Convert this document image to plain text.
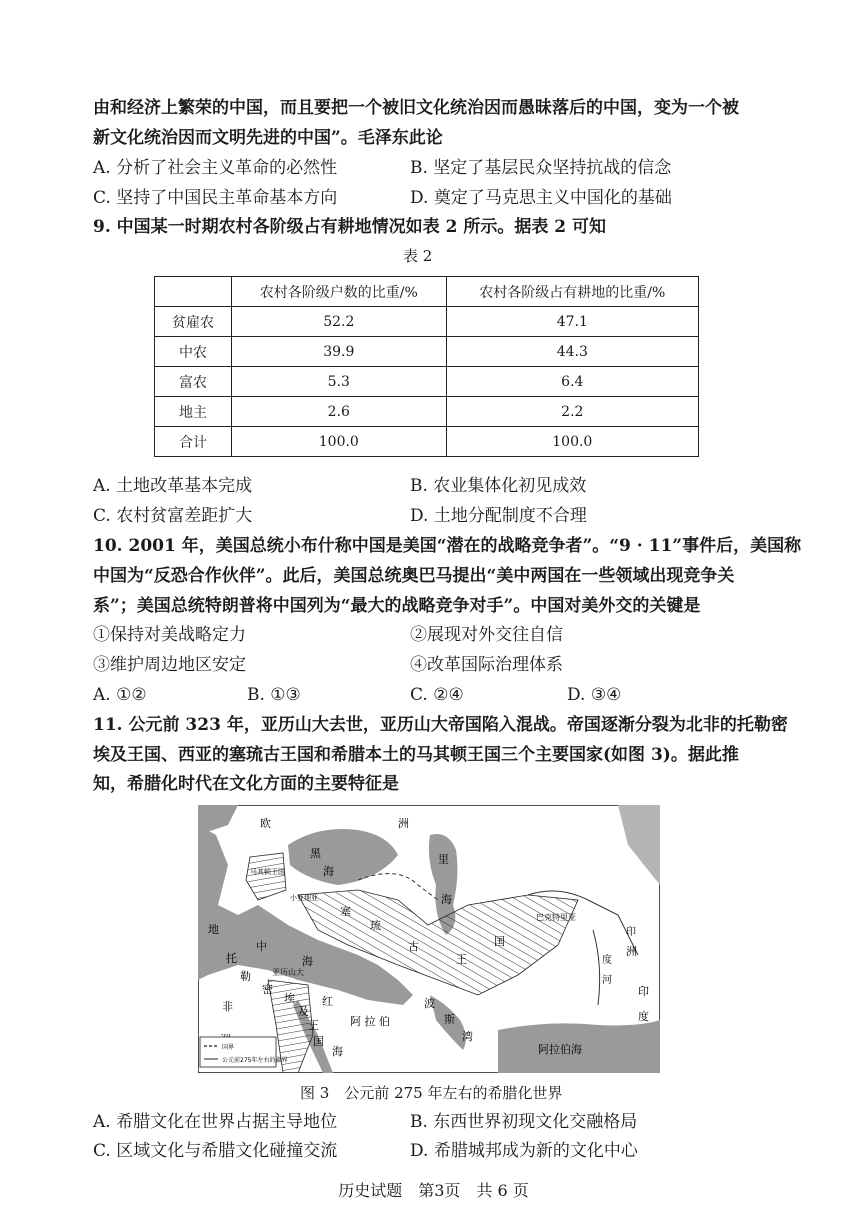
由和经济上繁荣的中国，而且要把一个被旧文化统治因而愚昧落后的中国，变为一个被
新文化统治因而文明先进的中国”。毛泽东此论
A. 分析了社会主义革命的必然性	B. 坚定了基层民众坚持抗战的信念
C. 坚持了中国民主革命基本方向	D. 奠定了马克思主义中国化的基础
9. 中国某一时期农村各阶级占有耕地情况如表 2 所示。据表 2 可知
表 2
	农村各阶级户数的比重/%	农村各阶级占有耕地的比重/%
贫雇农	52.2	47.1
中农	39.9	44.3
富农	5.3	6.4
地主	2.6	2.2
合计	100.0	100.0
A. 土地改革基本完成	B. 农业集体化初见成效
C. 农村贫富差距扩大	D. 土地分配制度不合理
10. 2001 年，美国总统小布什称中国是美国“潜在的战略竞争者”。“9 · 11”事件后，美国称
中国为“反恐合作伙伴”。此后，美国总统奥巴马提出“美中两国在一些领域出现竞争关
系”；美国总统特朗普将中国列为“最大的战略竞争对手”。中国对美外交的关键是
①保持对美战略定力	②展现对外交往自信
③维护周边地区安定	④改革国际治理体系
A. ①②	B. ①③	C. ②④	D. ③④
11. 公元前 323 年，亚历山大去世，亚历山大帝国陷入混战。帝国逐渐分裂为北非的托勒密
埃及王国、西亚的塞琉古王国和希腊本土的马其顿王国三个主要国家(如图 3)。据此推
知，希腊化时代在文化方面的主要特征是
欧	洲
黑
海
里
海
马其顿王国
小亚细亚
巴克特里亚
印
度
河
地
中
海
托
勒
密
埃
及
王
国
亚历山大
塞
琉
古
王
国
波
斯
湾
阿 拉 伯
红
海
非
阿拉伯海
印
度
洲
国界
公元前275年左右的疆界
图 3　公元前 275 年左右的希腊化世界
A. 希腊文化在世界占据主导地位	B. 东西世界初现文化交融格局
C. 区域文化与希腊文化碰撞交流	D. 希腊城邦成为新的文化中心
历史试题　第3页　共 6 页
